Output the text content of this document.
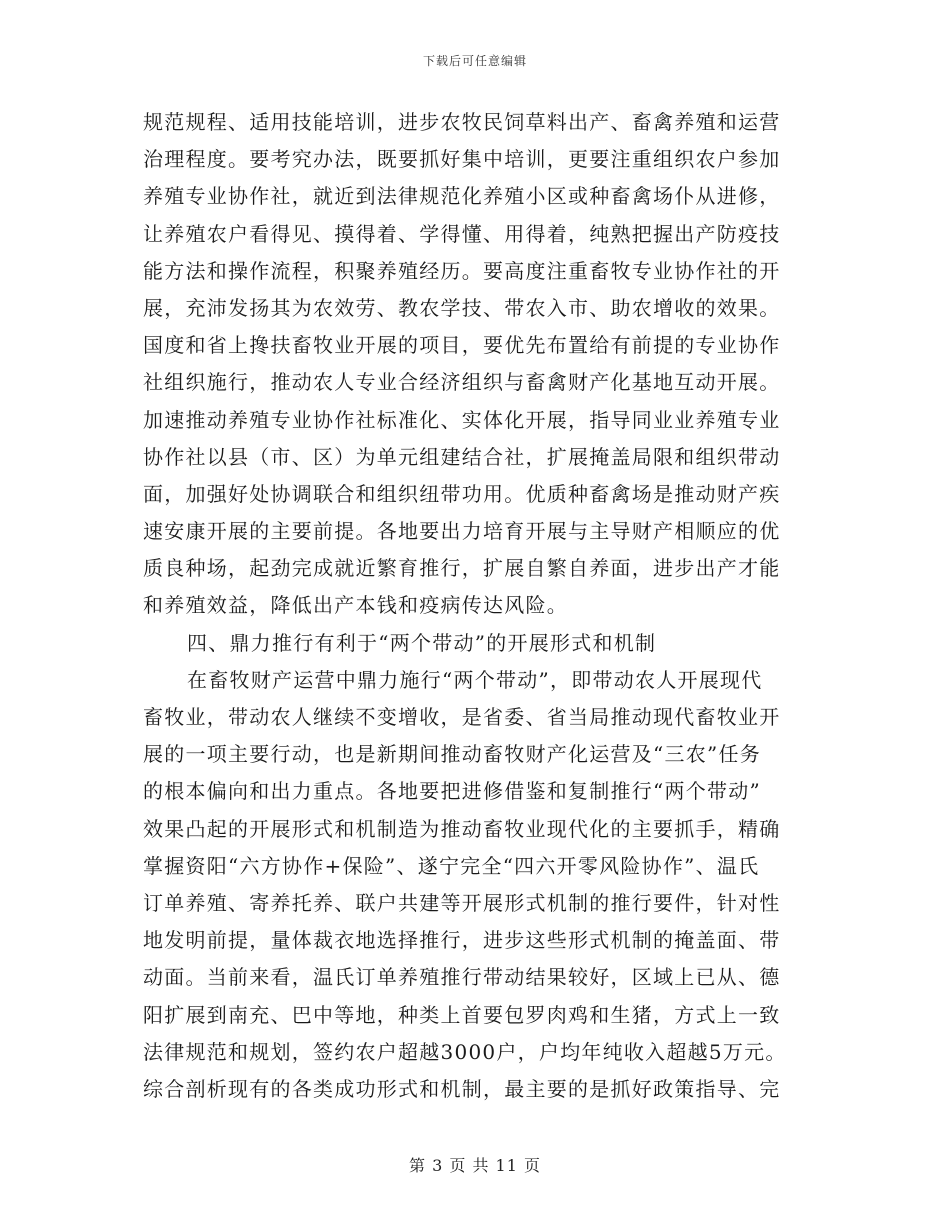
下载后可任意编辑
规范规程、适用技能培训，进步农牧民饲草料出产、畜禽养殖和运营
治理程度。要考究办法，既要抓好集中培训，更要注重组织农户参加
养殖专业协作社，就近到法律规范化养殖小区或种畜禽场仆从进修，
让养殖农户看得见、摸得着、学得懂、用得着，纯熟把握出产防疫技
能方法和操作流程，积聚养殖经历。要高度注重畜牧专业协作社的开
展，充沛发扬其为农效劳、教农学技、带农入市、助农增收的效果。
国度和省上搀扶畜牧业开展的项目，要优先布置给有前提的专业协作
社组织施行，推动农人专业合经济组织与畜禽财产化基地互动开展。
加速推动养殖专业协作社标准化、实体化开展，指导同业业养殖专业
协作社以县（市、区）为单元组建结合社，扩展掩盖局限和组织带动
面，加强好处协调联合和组织纽带功用。优质种畜禽场是推动财产疾
速安康开展的主要前提。各地要出力培育开展与主导财产相顺应的优
质良种场，起劲完成就近繁育推行，扩展自繁自养面，进步出产才能
和养殖效益，降低出产本钱和疫病传达风险。
四、鼎力推行有利于“两个带动”的开展形式和机制
在畜牧财产运营中鼎力施行“两个带动”，即带动农人开展现代
畜牧业，带动农人继续不变增收，是省委、省当局推动现代畜牧业开
展的一项主要行动，也是新期间推动畜牧财产化运营及“三农”任务
的根本偏向和出力重点。各地要把进修借鉴和复制推行“两个带动”
效果凸起的开展形式和机制造为推动畜牧业现代化的主要抓手，精确
掌握资阳“六方协作+保险”、遂宁完全“四六开零风险协作”、温氏
订单养殖、寄养托养、联户共建等开展形式机制的推行要件，针对性
地发明前提，量体裁衣地选择推行，进步这些形式机制的掩盖面、带
动面。当前来看，温氏订单养殖推行带动结果较好，区域上已从、德
阳扩展到南充、巴中等地，种类上首要包罗肉鸡和生猪，方式上一致
法律规范和规划，签约农户超越3000户，户均年纯收入超越5万元。
综合剖析现有的各类成功形式和机制，最主要的是抓好政策指导、完
第 3 页 共 11 页
